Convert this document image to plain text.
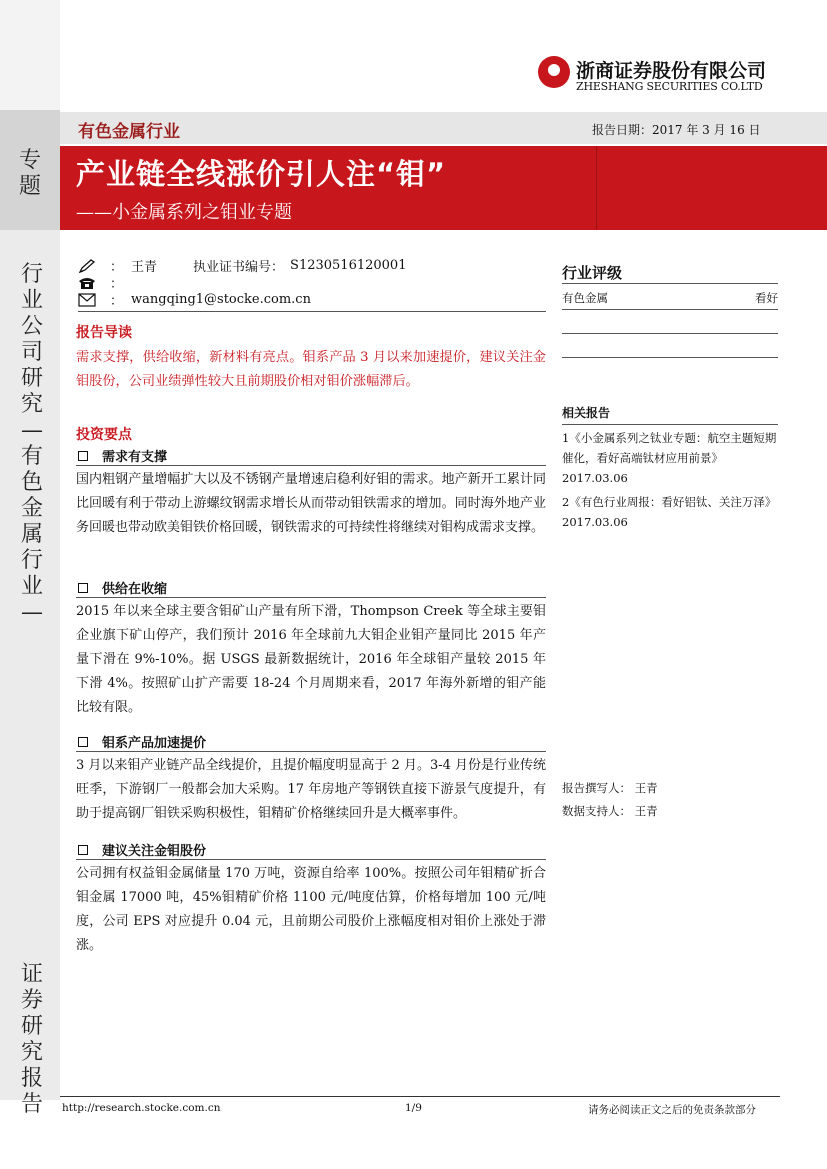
专题
行业公司研究—有色金属行业—
证券研究报告
浙商证券股份有限公司
ZHESHANG SECURITIES CO.LTD
有色金属行业	报告日期：2017 年 3 月 16 日
产业链全线涨价引人注“钼”
——小金属系列之钼业专题
： 王青	执业证书编号： S1230516120001
：
： wangqing1@stocke.com.cn
报告导读
需求支撑，供给收缩，新材料有亮点。钼系产品 3 月以来加速提价，建议关注金钼股份，公司业绩弹性较大且前期股价相对钼价涨幅滞后。
投资要点
需求有支撑
国内粗钢产量增幅扩大以及不锈钢产量增速启稳利好钼的需求。地产新开工累计同比回暖有利于带动上游螺纹钢需求增长从而带动钼铁需求的增加。同时海外地产业务回暖也带动欧美钼铁价格回暖，钢铁需求的可持续性将继续对钼构成需求支撑。
供给在收缩
2015 年以来全球主要含钼矿山产量有所下滑，Thompson Creek 等全球主要钼企业旗下矿山停产，我们预计 2016 年全球前九大钼企业钼产量同比 2015 年产量下滑在 9%-10%。据 USGS 最新数据统计，2016 年全球钼产量较 2015 年下滑 4%。按照矿山扩产需要 18-24 个月周期来看，2017 年海外新增的钼产能比较有限。
钼系产品加速提价
3 月以来钼产业链产品全线提价，且提价幅度明显高于 2 月。3-4 月份是行业传统旺季，下游钢厂一般都会加大采购。17 年房地产等钢铁直接下游景气度提升，有助于提高钢厂钼铁采购积极性，钼精矿价格继续回升是大概率事件。
建议关注金钼股份
公司拥有权益钼金属储量 170 万吨，资源自给率 100%。按照公司年钼精矿折合钼金属 17000 吨，45%钼精矿价格 1100 元/吨度估算，价格每增加 100 元/吨度，公司 EPS 对应提升 0.04 元，且前期公司股价上涨幅度相对钼价上涨处于滞涨。
行业评级
有色金属	看好
相关报告
1《小金属系列之钛业专题：航空主题短期催化，看好高端钛材应用前景》
2017.03.06
2《有色行业周报：看好铝钛、关注万泽》
2017.03.06
报告撰写人： 王青
数据支持人： 王青
http://research.stocke.com.cn	1/9	请务必阅读正文之后的免责条款部分
